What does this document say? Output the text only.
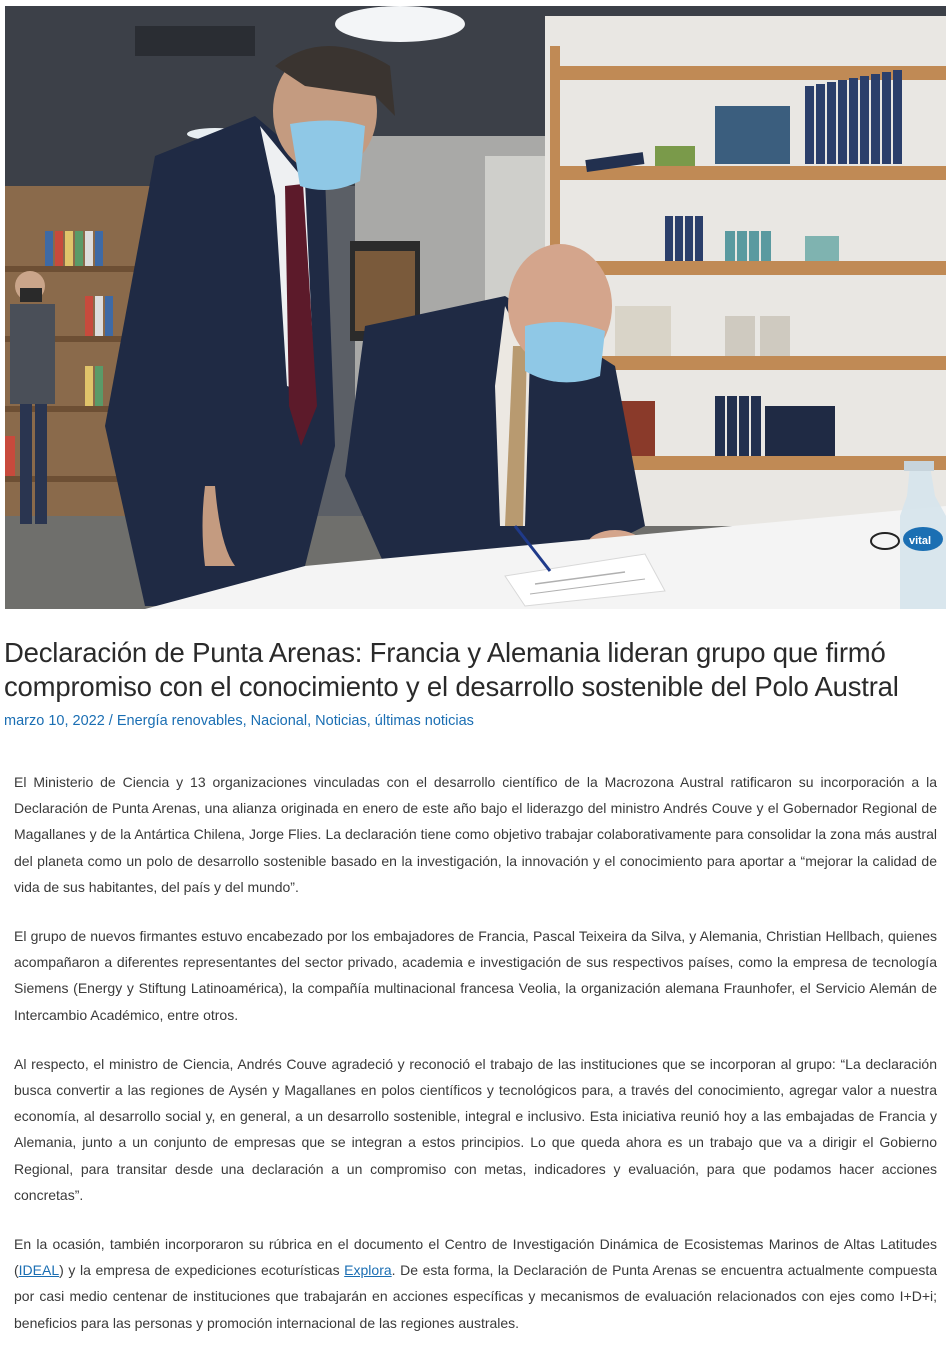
vital
Declaración de Punta Arenas: Francia y Alemania lideran grupo que firmó compromiso con el conocimiento y el desarrollo sostenible del Polo Austral
marzo 10, 2022 / Energía renovables, Nacional, Noticias, últimas noticias

El Ministerio de Ciencia y 13 organizaciones vinculadas con el desarrollo científico de la Macrozona Austral ratificaron su incorporación a la Declaración de Punta Arenas, una alianza originada en enero de este año bajo el liderazgo del ministro Andrés Couve y el Gobernador Regional de Magallanes y de la Antártica Chilena, Jorge Flies. La declaración tiene como objetivo trabajar colaborativamente para consolidar la zona más austral del planeta como un polo de desarrollo sostenible basado en la investigación, la innovación y el conocimiento para aportar a “mejorar la calidad de vida de sus habitantes, del país y del mundo”.

El grupo de nuevos firmantes estuvo encabezado por los embajadores de Francia, Pascal Teixeira da Silva, y Alemania, Christian Hellbach, quienes acompañaron a diferentes representantes del sector privado, academia e investigación de sus respectivos países, como la empresa de tecnología Siemens (Energy y Stiftung Latinoamérica), la compañía multinacional francesa Veolia, la organización alemana Fraunhofer, el Servicio Alemán de Intercambio Académico, entre otros.

Al respecto, el ministro de Ciencia, Andrés Couve agradeció y reconoció el trabajo de las instituciones que se incorporan al grupo: “La declaración busca convertir a las regiones de Aysén y Magallanes en polos científicos y tecnológicos para, a través del conocimiento, agregar valor a nuestra economía, al desarrollo social y, en general, a un desarrollo sostenible, integral e inclusivo. Esta iniciativa reunió hoy a las embajadas de Francia y Alemania, junto a un conjunto de empresas que se integran a estos principios. Lo que queda ahora es un trabajo que va a dirigir el Gobierno Regional, para transitar desde una declaración a un compromiso con metas, indicadores y evaluación, para que podamos hacer acciones concretas”.

En la ocasión, también incorporaron su rúbrica en el documento el Centro de Investigación Dinámica de Ecosistemas Marinos de Altas Latitudes (IDEAL) y la empresa de expediciones ecoturísticas Explora. De esta forma, la Declaración de Punta Arenas se encuentra actualmente compuesta por casi medio centenar de instituciones que trabajarán en acciones específicas y mecanismos de evaluación relacionados con ejes como I+D+i; beneficios para las personas y promoción internacional de las regiones australes.
